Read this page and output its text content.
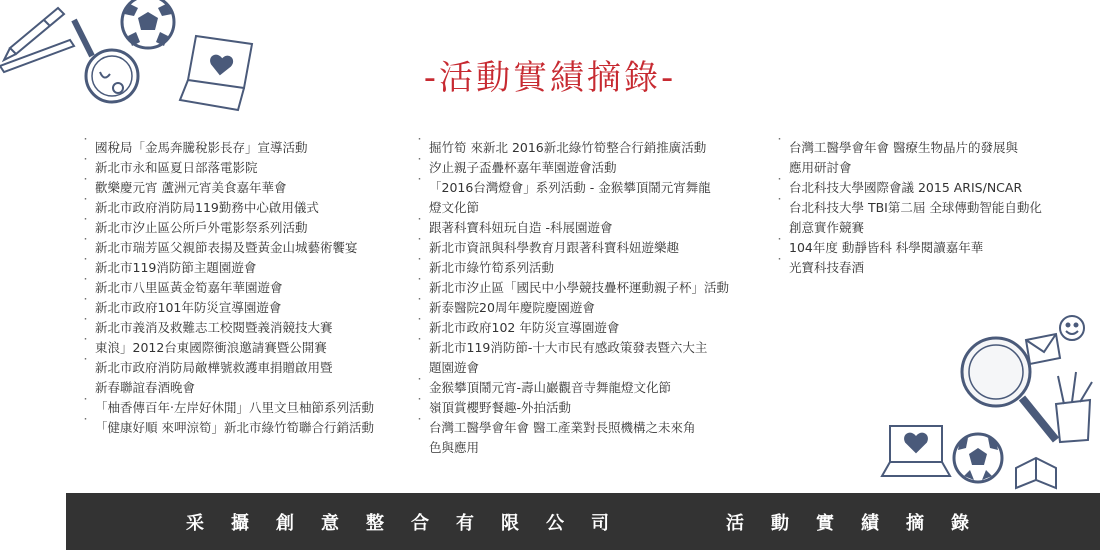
-活動實績摘錄-
˙ 國稅局「金馬奔騰稅影長存」宣導活動
˙ 新北市永和區夏日部落電影院
˙ 歡樂慶元宵 蘆洲元宵美食嘉年華會
˙ 新北市政府消防局119勤務中心啟用儀式
˙ 新北市汐止區公所戶外電影祭系列活動
˙ 新北市瑞芳區父親節表揚及暨黃金山城藝術饗宴
˙ 新北市119消防節主題園遊會
˙ 新北市八里區黃金筍嘉年華園遊會
˙ 新北市政府101年防災宣導園遊會
˙ 新北市義消及救難志工校閱暨義消競技大賽
˙ 東浪」2012台東國際衝浪邀請賽暨公開賽
˙ 新北市政府消防局敵樺號救護車捐贈啟用暨
新春聯誼春酒晚會
˙ 「柚香傳百年‧左岸好休閒」八里文旦柚節系列活動
˙ 「健康好順 來呷涼筍」新北市綠竹筍聯合行銷活動
˙ 掘竹筍 來新北 2016新北綠竹筍整合行銷推廣活動
˙ 汐止親子盃疊杯嘉年華園遊會活動
˙ 「2016台灣燈會」系列活動 - 金猴攀頂鬧元宵舞龍
燈文化節
˙ 跟著科寶科妞玩自造 -科展園遊會
˙ 新北市資訊與科學教育月跟著科寶科妞遊樂趣
˙ 新北市綠竹筍系列活動
˙ 新北市汐止區「國民中小學競技疊杯運動親子杯」活動
˙ 新泰醫院20周年慶院慶園遊會
˙ 新北市政府102 年防災宣導園遊會
˙ 新北市119消防節-十大市民有感政策發表暨六大主
題園遊會
˙ 金猴攀頂鬧元宵-壽山巖觀音寺舞龍燈文化節
˙ 嶺頂賞櫻野餐趣-外拍活動
˙ 台灣工醫學會年會 醫工產業對長照機構之未來角
色與應用
˙ 台灣工醫學會年會 醫療生物晶片的發展與
應用研討會
˙ 台北科技大學國際會議 2015 ARIS/NCAR
˙ 台北科技大學 TBI第二屆 全球傳動智能自動化
創意實作競賽
˙ 104年度 動靜皆科 科學閱讀嘉年華
˙ 光寶科技春酒
采攝創意整合有限公司	活動實績摘錄
